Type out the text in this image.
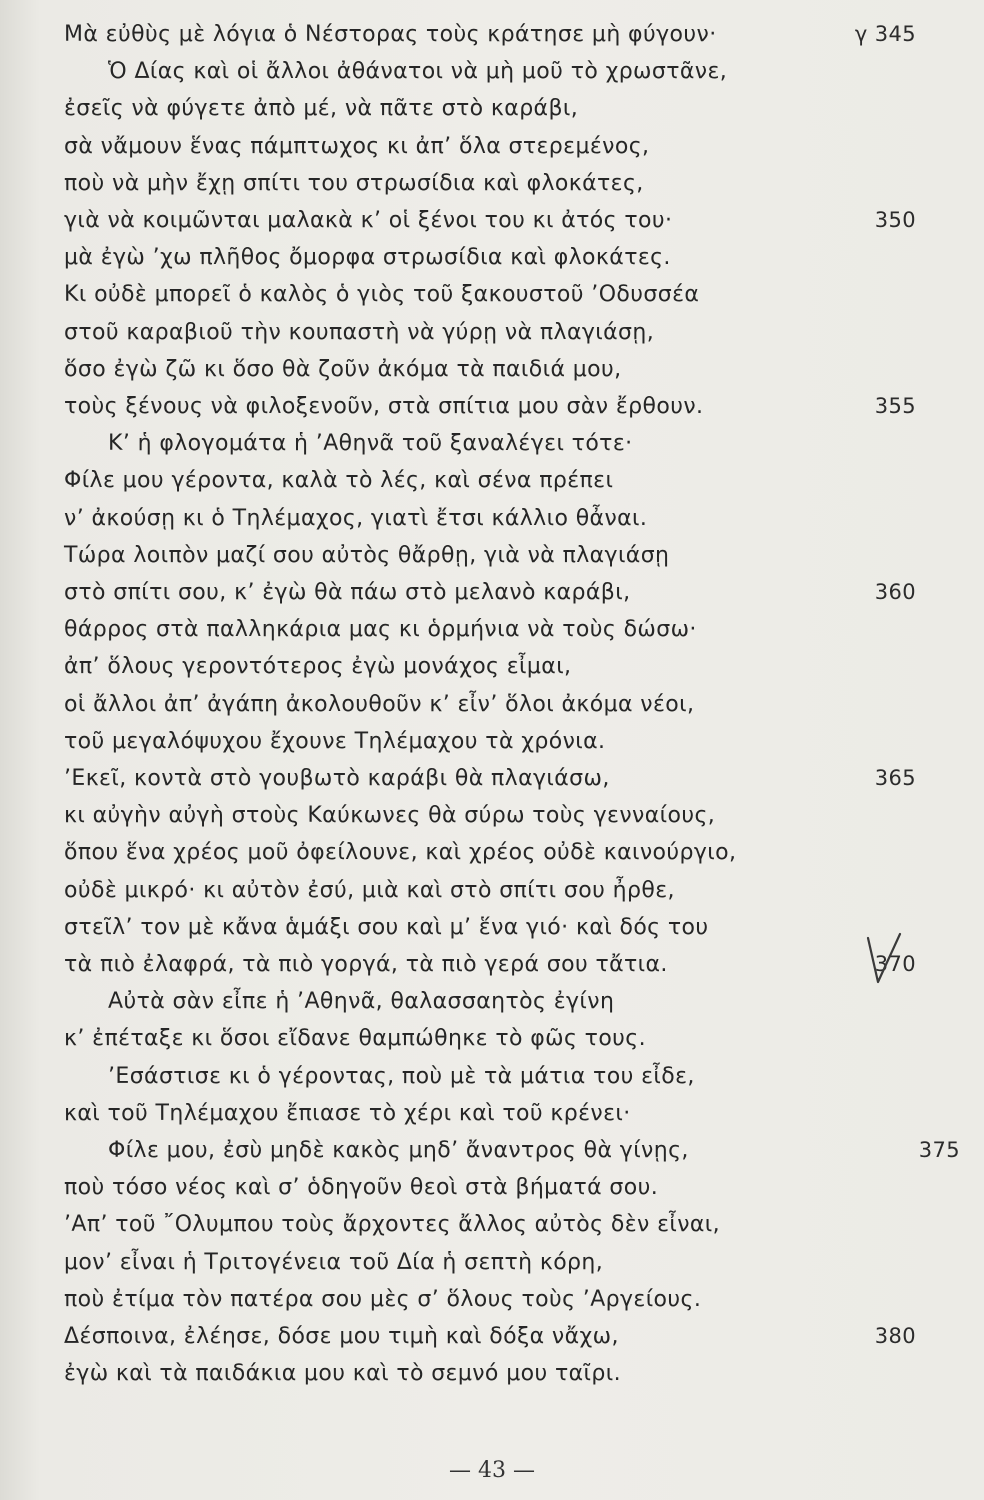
Μὰ εὐθὺς μὲ λόγια ὁ Νέστορας τοὺς κράτησε μὴ φύγουν·	γ 345
Ὁ Δίας καὶ οἱ ἄλλοι ἀθάνατοι νὰ μὴ μοῦ τὸ χρωστᾶνε,
ἐσεῖς νὰ φύγετε ἀπὸ μέ, νὰ πᾶτε στὸ καράβι,
σὰ νἄμουν ἕνας πάμπτωχος κι ἀπ’ ὅλα στερεμένος,
ποὺ νὰ μὴν ἔχῃ σπίτι του στρωσίδια καὶ φλοκάτες,
γιὰ νὰ κοιμῶνται μαλακὰ κ’ οἱ ξένοι του κι ἀτός του·	350
μὰ ἐγὼ ’χω πλῆθος ὄμορφα στρωσίδια καὶ φλοκάτες.
Κι οὐδὲ μπορεῖ ὁ καλὸς ὁ γιὸς τοῦ ξακουστοῦ ’Οδυσσέα
στοῦ καραβιοῦ τὴν κουπαστὴ νὰ γύρῃ νὰ πλαγιάσῃ,
ὅσο ἐγὼ ζῶ κι ὅσο θὰ ζοῦν ἀκόμα τὰ παιδιά μου,
τοὺς ξένους νὰ φιλοξενοῦν, στὰ σπίτια μου σὰν ἔρθουν.	355
Κ’ ἡ φλογομάτα ἡ ’Αθηνᾶ τοῦ ξαναλέγει τότε·
Φίλε μου γέροντα, καλὰ τὸ λές, καὶ σένα πρέπει
ν’ ἀκούσῃ κι ὁ Τηλέμαχος, γιατὶ ἔτσι κάλλιο θἆναι.
Τώρα λοιπὸν μαζί σου αὐτὸς θἄρθῃ, γιὰ νὰ πλαγιάσῃ
στὸ σπίτι σου, κ’ ἐγὼ θὰ πάω στὸ μελανὸ καράβι,	360
θάρρος στὰ παλληκάρια μας κι ὁρμήνια νὰ τοὺς δώσω·
ἀπ’ ὅλους γεροντότερος ἐγὼ μονάχος εἶμαι,
οἱ ἄλλοι ἀπ’ ἀγάπη ἀκολουθοῦν κ’ εἶν’ ὅλοι ἀκόμα νέοι,
τοῦ μεγαλόψυχου ἔχουνε Τηλέμαχου τὰ χρόνια.
’Εκεῖ, κοντὰ στὸ γουβωτὸ καράβι θὰ πλαγιάσω,	365
κι αὐγὴν αὐγὴ στοὺς Καύκωνες θὰ σύρω τοὺς γενναίους,
ὅπου ἕνα χρέος μοῦ ὀφείλουνε, καὶ χρέος οὐδὲ καινούργιο,
οὐδὲ μικρό· κι αὐτὸν ἐσύ, μιὰ καὶ στὸ σπίτι σου ἦρθε,
στεῖλ’ τον μὲ κἄνα ἁμάξι σου καὶ μ’ ἕνα γιό· καὶ δός του
τὰ πιὸ ἐλαφρά, τὰ πιὸ γοργά, τὰ πιὸ γερά σου τἄτια.	370
Αὐτὰ σὰν εἶπε ἡ ’Αθηνᾶ, θαλασσαητὸς ἐγίνη
κ’ ἐπέταξε κι ὅσοι εἴδανε θαμπώθηκε τὸ φῶς τους.
’Εσάστισε κι ὁ γέροντας, ποὺ μὲ τὰ μάτια του εἶδε,
καὶ τοῦ Τηλέμαχου ἔπιασε τὸ χέρι καὶ τοῦ κρένει·
Φίλε μου, ἐσὺ μηδὲ κακὸς μηδ’ ἄναντρος θὰ γίνῃς,	375
ποὺ τόσο νέος καὶ σ’ ὁδηγοῦν θεοὶ στὰ βήματά σου.
’Απ’ τοῦ ῎Ολυμπου τοὺς ἄρχοντες ἄλλος αὐτὸς δὲν εἶναι,
μον’ εἶναι ἡ Τριτογένεια τοῦ Δία ἡ σεπτὴ κόρη,
ποὺ ἐτίμα τὸν πατέρα σου μὲς σ’ ὅλους τοὺς ’Αργείους.
Δέσποινα, ἐλέησε, δόσε μου τιμὴ καὶ δόξα νἄχω,	380
ἐγὼ καὶ τὰ παιδάκια μου καὶ τὸ σεμνό μου ταῖρι.
— 43 —
